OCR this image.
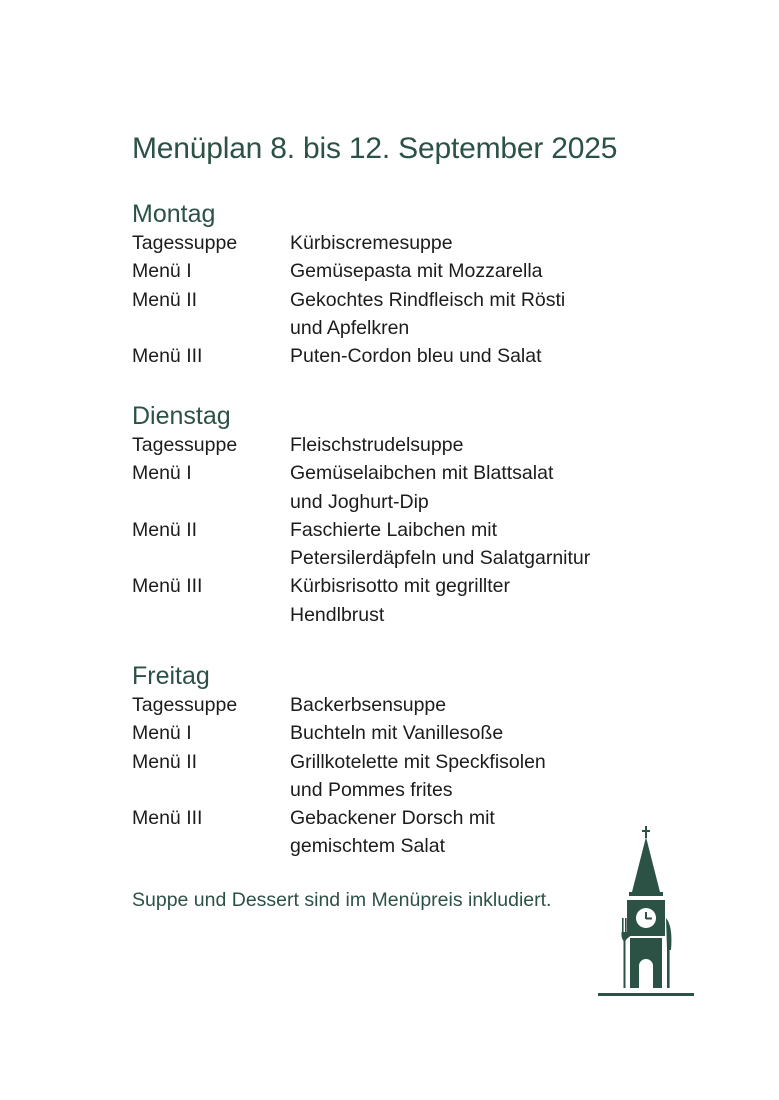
Menüplan 8. bis 12. September 2025
Montag
Tagessuppe	Kürbiscremesuppe
Menü I	Gemüsepasta mit Mozzarella
Menü II	Gekochtes Rindfleisch mit Rösti
und Apfelkren
Menü III	Puten-Cordon bleu und Salat
Dienstag
Tagessuppe	Fleischstrudelsuppe
Menü I	Gemüselaibchen mit Blattsalat
und Joghurt-Dip
Menü II	Faschierte Laibchen mit
Petersilerdäpfeln und Salatgarnitur
Menü III	Kürbisrisotto mit gegrillter
Hendlbrust
Freitag
Tagessuppe	Backerbsensuppe
Menü I	Buchteln mit Vanillesoße
Menü II	Grillkotelette mit Speckfisolen
und Pommes frites
Menü III	Gebackener Dorsch mit
gemischtem Salat
Suppe und Dessert sind im Menüpreis inkludiert.
